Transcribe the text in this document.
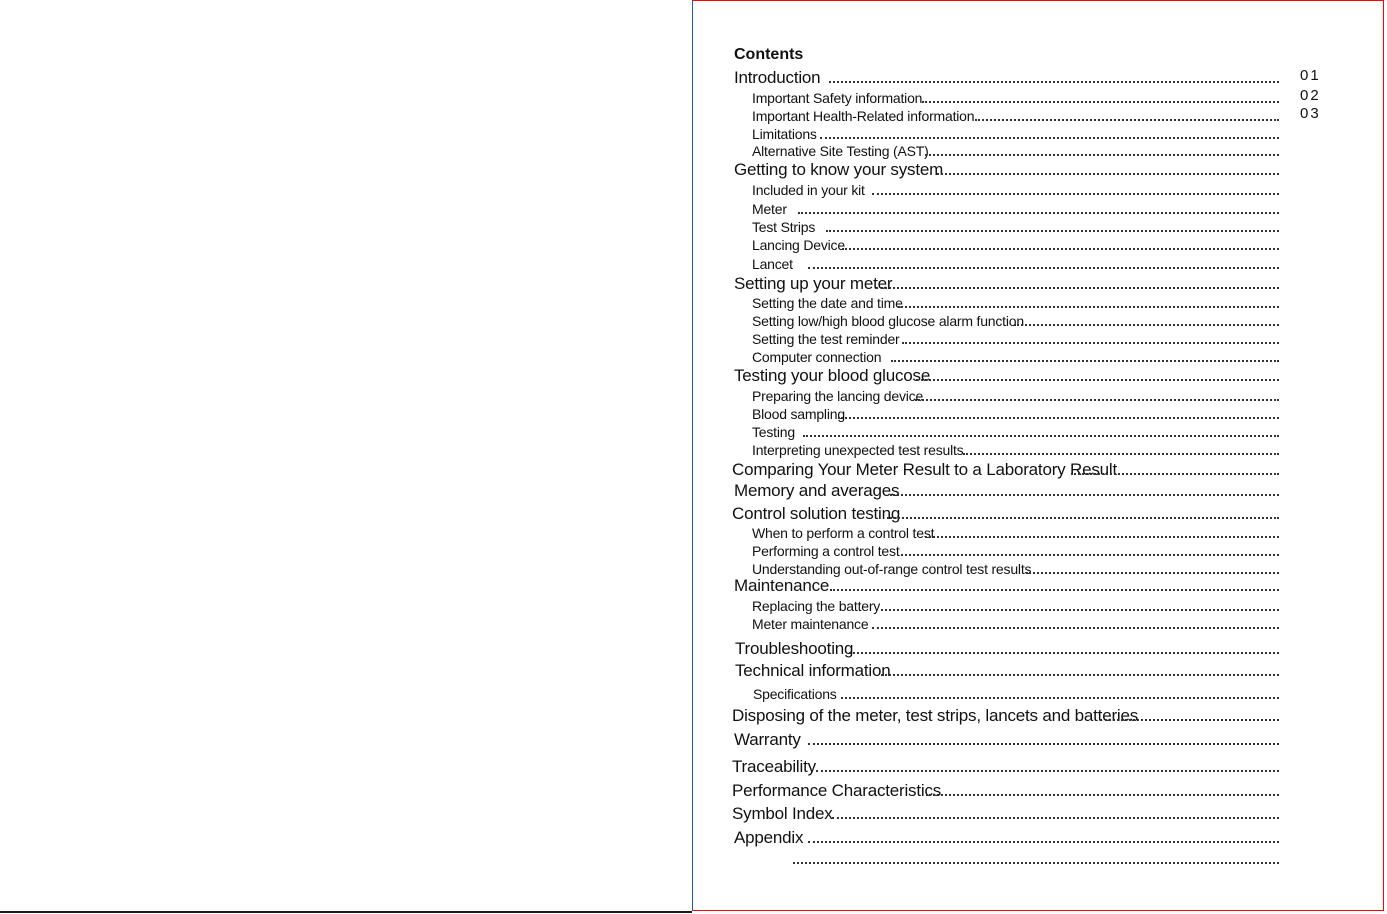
Contents
Introduction	01
Important Safety information	02
Important Health-Related information	03
Limitations
Alternative Site Testing (AST)
Getting to know your system
Included in your kit
Meter
Test Strips
Lancing Device
Lancet
Setting up your meter
Setting the date and time
Setting low/high blood glucose alarm function
Setting the test reminder
Computer connection
Testing your blood glucose
Preparing the lancing device
Blood sampling
Testing
Interpreting unexpected test results
Comparing Your Meter Result to a Laboratory Result
Memory and averages
Control solution testing
When to perform a control test
Performing a control test
Understanding out-of-range control test results
Maintenance
Replacing the battery
Meter maintenance
Troubleshooting
Technical information
Specifications
Disposing of the meter, test strips, lancets and batteries
Warranty
Traceability
Performance Characteristics
Symbol Index
Appendix
